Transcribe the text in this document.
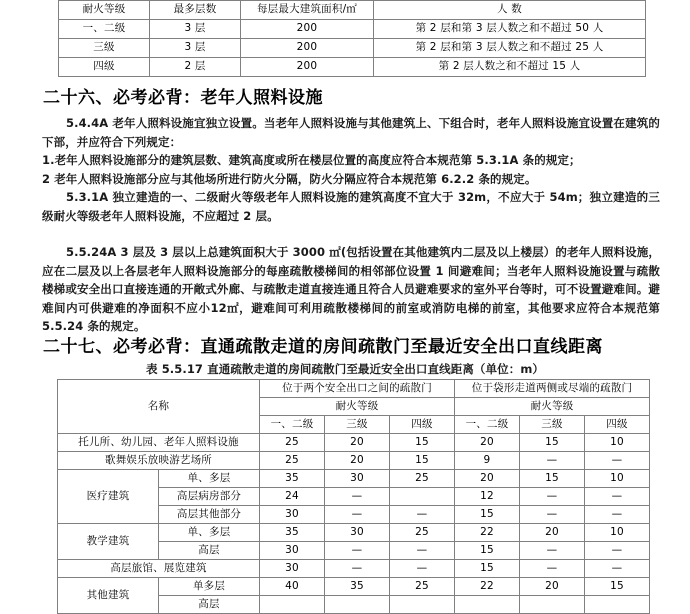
耐火等级	最多层数	每层最大建筑面积/㎡	人 数
一、二级	3 层	200	第 2 层和第 3 层人数之和不超过 50 人
三级	3 层	200	第 2 层和第 3 层人数之和不超过 25 人
四级	2 层	200	第 2 层人数之和不超过 15 人
二十六、必考必背：老年人照料设施

5.4.4A 老年人照料设施宜独立设置。当老年人照料设施与其他建筑上、下组合时，老年人照料设施宜设置在建筑的下部，并应符合下列规定：

1.老年人照料设施部分的建筑层数、建筑高度或所在楼层位置的高度应符合本规范第 5.3.1A 条的规定；

2 老年人照料设施部分应与其他场所进行防火分隔，防火分隔应符合本规范第 6.2.2 条的规定。

5.3.1A 独立建造的一、二级耐火等级老年人照料设施的建筑高度不宜大于 32m，不应大于 54m；独立建造的三级耐火等级老年人照料设施，不应超过 2 层。

5.5.24A 3 层及 3 层以上总建筑面积大于 3000 ㎡(包括设置在其他建筑内二层及以上楼层）的老年人照料设施，应在二层及以上各层老年人照料设施部分的每座疏散楼梯间的相邻部位设置 1 间避难间；当老年人照料设施设置与疏散楼梯或安全出口直接连通的开敞式外廊、与疏散走道直接连通且符合人员避难要求的室外平台等时，可不设置避难间。避难间内可供避难的净面积不应小12㎡，避难间可利用疏散楼梯间的前室或消防电梯的前室，其他要求应符合本规范第 5.5.24 条的规定。

二十七、必考必背：直通疏散走道的房间疏散门至最近安全出口直线距离
表 5.5.17 直通疏散走道的房间疏散门至最近安全出口直线距离（单位：m）
名称		位于两个安全出口之间的疏散门			位于袋形走道两侧或尽端的疏散门		
		耐火等级			耐火等级		
		一、二级	三级	四级	一、二级	三级	四级
托儿所、幼儿园、老年人照料设施		25	20	15	20	15	10
歌舞娱乐放映游艺场所		25	20	15	9	—	—
医疗建筑	单、多层	35	30	25	20	15	10
	高层病房部分	24	—		12	—	—
	高层其他部分	30	—	—	15	—	—
教学建筑	单、多层	35	30	25	22	20	10
	高层	30	—	—	15	—	—
高层旅馆、展览建筑		30	—	—	15	—	—
其他建筑	单多层	40	35	25	22	20	15
	高层						
